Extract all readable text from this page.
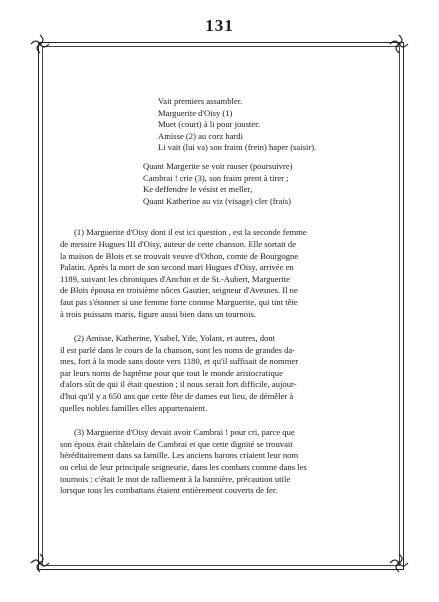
131
Vait premiers assambler.
Marguerite d'Oisy (1)
Muet (court) à li pour jouster.
Amisse (2) au corz hardi
Li vait (lui va) son fraim (frein) haper (saisir).
Quant Margerite se voit rauser (poursuivre)
Cambrai ! crie (3), son fraim prent à tirer ;
Ke deffendre le vésist et meller,
Quant Katherine au viz (visage) cler (frais)
(1) Marguerite d'Oisy dont il est ici question , est la seconde femme
de messire Hugues III d'Oisy, auteur de cette chanson. Elle sortait de
la maison de Blois et se trouvait veuve d'Othon, comte de Bourgogne
Palatin. Après la mort de son second mari Hugues d'Oisy, arrivée en
1189, suivant les chroniques d'Anchin et de St.-Aubert, Marguerite
de Blois épousa en troisième nôces Gautier, seigneur d'Avesnes. Il ne
faut pas s'étonner si une femme forte comme Marguerite, qui tint tête
à trois puissans maris, figure aussi bien dans un tournois.
(2) Amisse, Katherine, Ysabel, Yde, Yolant, et autres, dont
il est parlé dans le cours de la chanson, sont les noms de grandes da-
mes, fort à la mode sans doute vers 1180, et qu'il suffisait de nommer
par leurs noms de baptême pour que tout le monde aristocratique
d'alors sût de qui il était question ; il nous serait fort difficile, aujour-
d'hui qu'il y a 650 ans que cette fête de dames eut lieu, de démêler à
quelles nobles familles elles appartenaient.
(3) Marguerite d'Oisy devait avoir Cambrai ! pour cri, parce que
son époux était châtelain de Cambrai et que cette dignité se trouvait
héréditairement dans sa famille. Les anciens barons criaient leur nom
ou celui de leur principale seigneurie, dans les combats comme dans les
tournois : c'était le mot de ralliement à la bannière, précaution utile
lorsque tous les combattans étaient entièrement couverts de fer.
